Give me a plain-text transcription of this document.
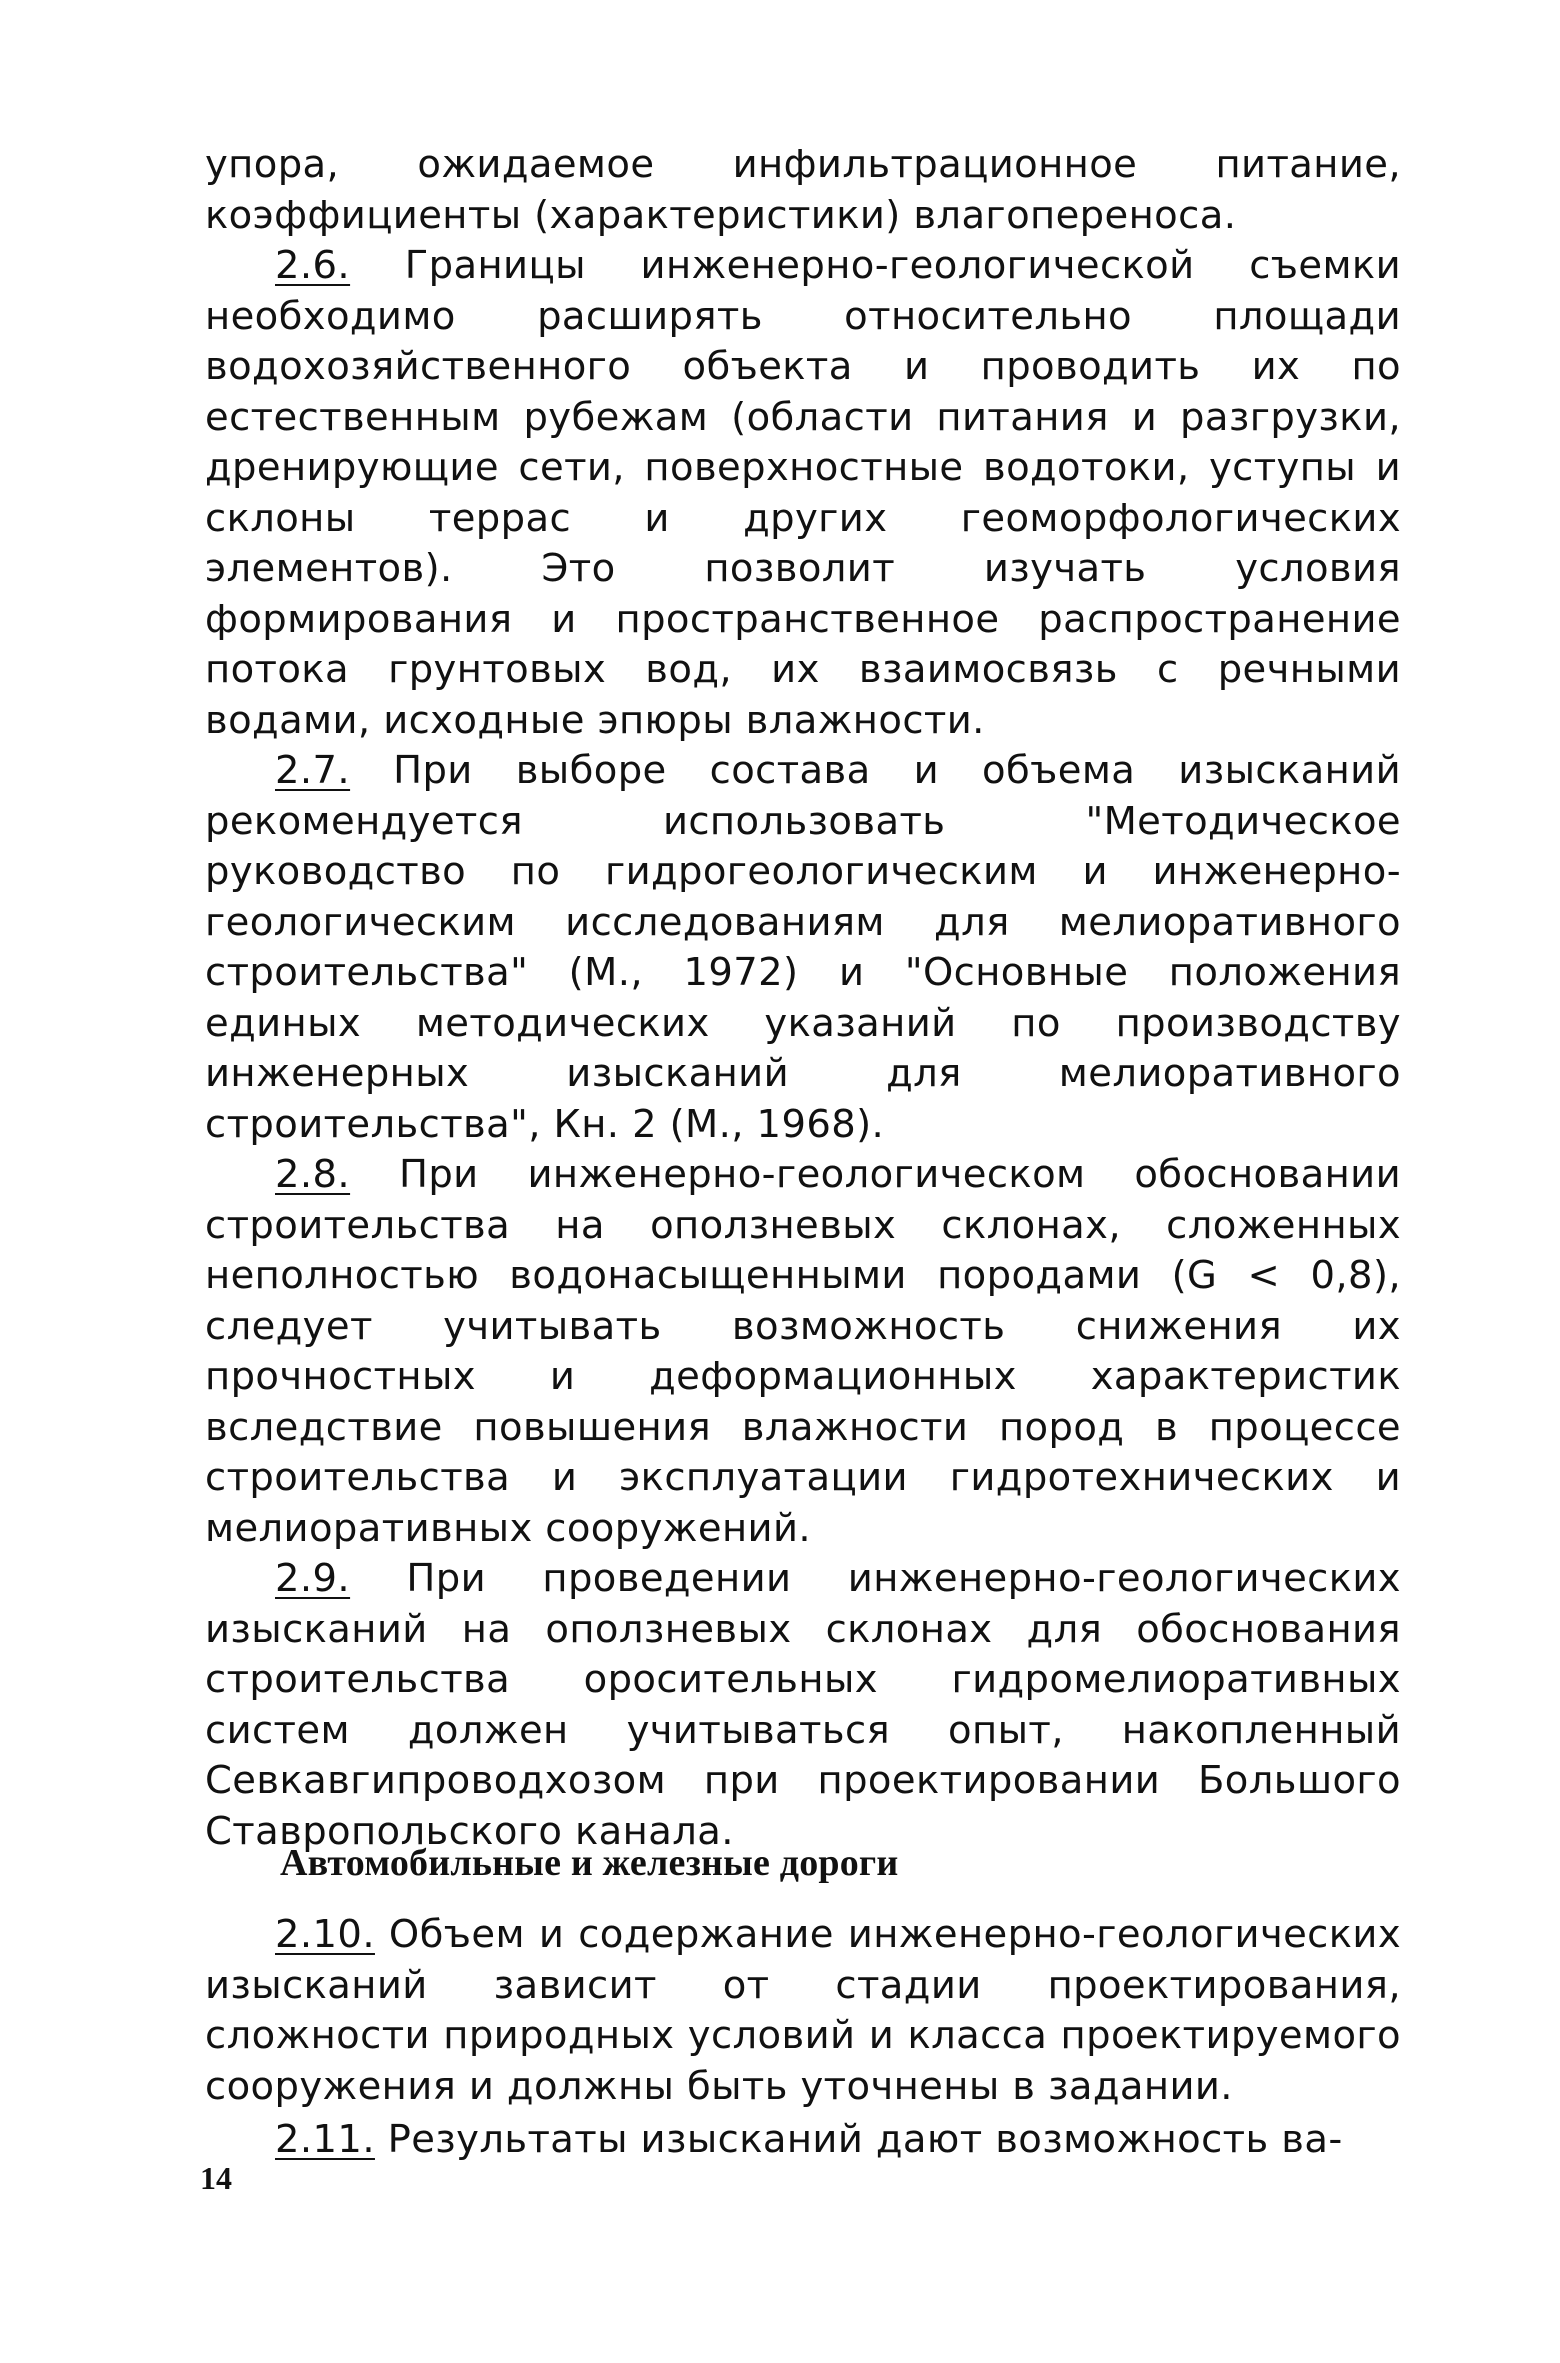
упора, ожидаемое инфильтрационное питание, коэффициенты (характеристики) влагопереноса.

2.6. Границы инженерно-геологической съемки необходимо расширять относительно площади водохозяйственного объекта и проводить их по естественным рубежам (области питания и разгрузки, дренирующие сети, поверхностные водотоки, уступы и склоны террас и других геоморфологических элементов). Это позволит изучать условия формирования и пространственное распространение потока грунтовых вод, их взаимосвязь с речными водами, исходные эпюры влажности.

2.7. При выборе состава и объема изысканий рекомендуется использовать "Методическое руководство по гидрогеологическим и инженерно-геологическим исследованиям для мелиоративного строительства" (М., 1972) и "Основные положения единых методических указаний по производству инженерных изысканий для мелиоративного строительства", Кн. 2 (М., 1968).

2.8. При инженерно-геологическом обосновании строительства на оползневых склонах, сложенных неполностью водонасыщенными породами (G < 0,8), следует учитывать возможность снижения их прочностных и деформационных характеристик вследствие повышения влажности пород в процессе строительства и эксплуатации гидротехнических и мелиоративных сооружений.

2.9. При проведении инженерно-геологических изысканий на оползневых склонах для обоснования строительства оросительных гидромелиоративных систем должен учитываться опыт, накопленный Севкавгипроводхозом при проектировании Большого Ставропольского канала.

Автомобильные и железные дороги

2.10. Объем и содержание инженерно-геологических изысканий зависит от стадии проектирования, сложности природных условий и класса проектируемого сооружения и должны быть уточнены в задании.

2.11. Результаты изысканий дают возможность ва-

14
